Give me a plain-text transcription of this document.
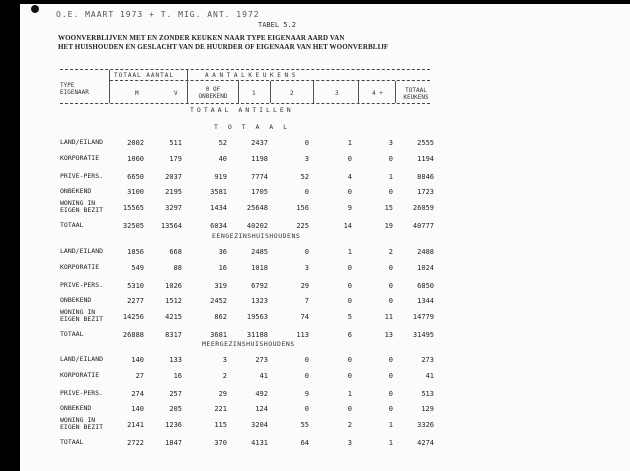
O.E. MAART 1973 + T. MIG. ANT. 1972
TABEL 5.2
WOONVERBLIJVEN MET EN ZONDER KEUKEN NAAR TYPE EIGENAAR AARD VAN
HET HUISHOUDEN EN GESLACHT VAN DE HUURDER OF EIGENAAR VAN HET WOONVERBLIJF
TYPE EIGENAAR
TOTAAL AANTAL
M	V
A A N T A L K E U K E N S
0 OF ONBEKEND	1	2	3	4 +	TOTAAL KEUKENS
TOTAAL ANTILLEN
T O T A A L
LAND/EILAND	2002	511	52	2437	0	1	3	2555
KORPORATIE	1060	179	40	1198	3	0	0	1194
PRIVE-PERS.	6650	2037	919	7774	52	4	1	8846
ONBEKEND	3100	2195	3581	1705	0	0	0	1723
WONING IN EIGEN BEZIT	15565	3297	1434	25648	156	9	15	26059
TOTAAL	32505	13564	6034	40202	225	14	19	40777
EENGEZINSHUISHOUDENS
LAND/EILAND	1856	668	36	2485	0	1	2	2488
KORPORATIE	549	88	16	1018	3	0	0	1024
PRIVE-PERS.	5310	1026	319	6792	29	0	0	6850
ONBEKEND	2277	1512	2452	1323	7	0	0	1344
WONING IN EIGEN BEZIT	14256	4215	862	19563	74	5	11	14779
TOTAAL	26888	8317	3681	31188	113	6	13	31495
MEERGEZINSHUISHOUDENS
LAND/EILAND	140	133	3	273	0	0	0	273
KORPORATIE	27	16	2	41	0	0	0	41
PRIVE-PERS.	274	257	29	492	9	1	0	513
ONBEKEND	140	205	221	124	0	0	0	129
WONING IN EIGEN BEZIT	2141	1236	115	3204	55	2	1	3326
TOTAAL	2722	1847	370	4131	64	3	1	4274
